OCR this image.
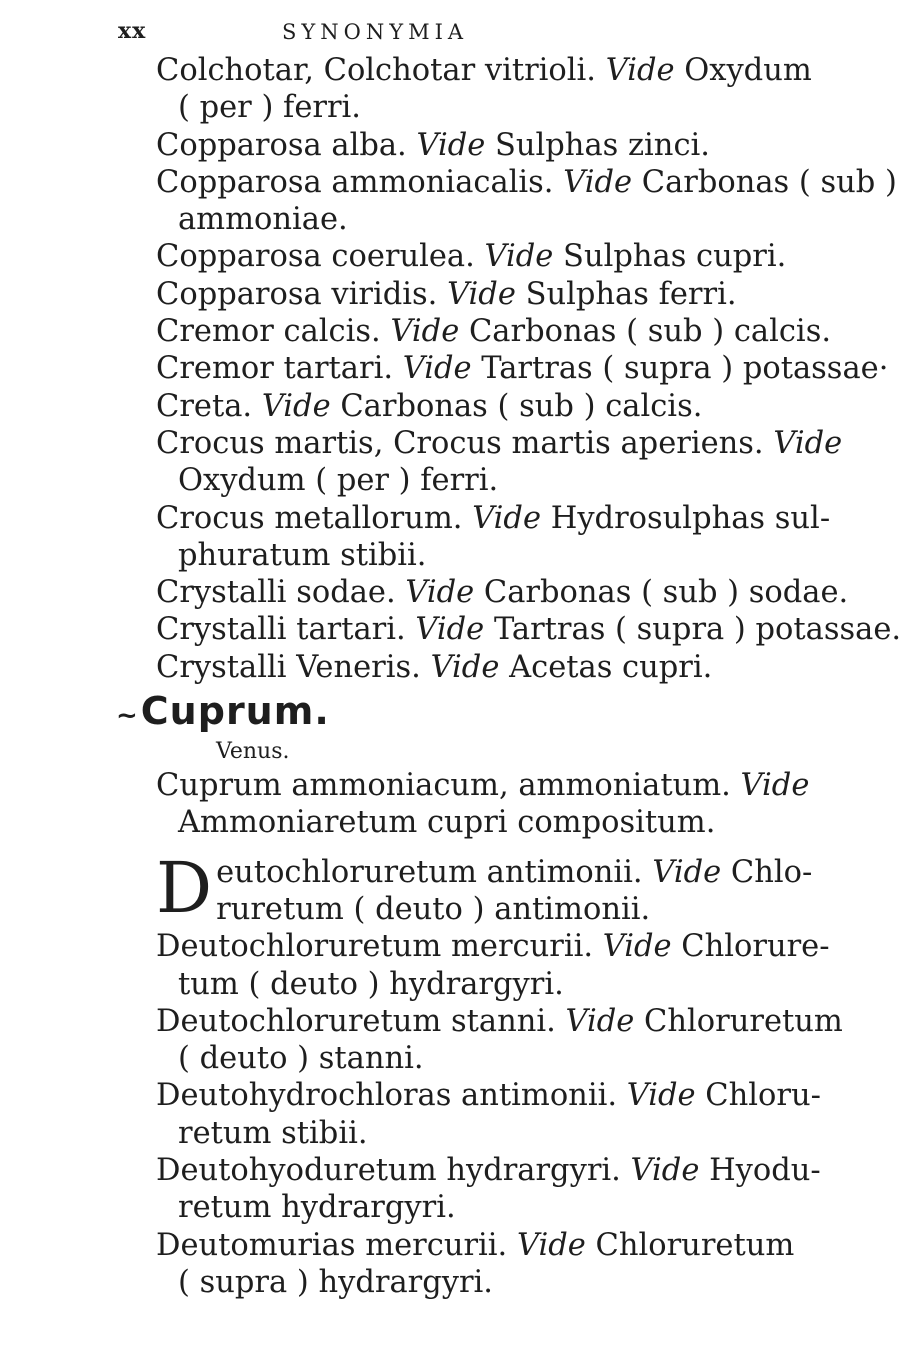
xx	SYNONYMIA

Colchotar, Colchotar vitrioli. Vide Oxydum
( per ) ferri.

Copparosa alba. Vide Sulphas zinci.

Copparosa ammoniacalis. Vide Carbonas ( sub )
ammoniae.

Copparosa coerulea. Vide Sulphas cupri.

Copparosa viridis. Vide Sulphas ferri.

Cremor calcis. Vide Carbonas ( sub ) calcis.

Cremor tartari. Vide Tartras ( supra ) potassae·

Creta. Vide Carbonas ( sub ) calcis.

Crocus martis, Crocus martis aperiens. Vide
Oxydum ( per ) ferri.

Crocus metallorum. Vide Hydrosulphas sul-
phuratum stibii.

Crystalli sodae. Vide Carbonas ( sub ) sodae.

Crystalli tartari. Vide Tartras ( supra ) potassae.

Crystalli Veneris. Vide Acetas cupri.

~Cuprum.
Venus.

Cuprum ammoniacum, ammoniatum. Vide
Ammoniaretum cupri compositum.

D eutochloruretum antimonii. Vide Chlo-
ruretum ( deuto ) antimonii.

Deutochloruretum mercurii. Vide Chlorure-
tum ( deuto ) hydrargyri.

Deutochloruretum stanni. Vide Chloruretum
( deuto ) stanni.

Deutohydrochloras antimonii. Vide Chloru-
retum stibii.

Deutohyoduretum hydrargyri. Vide Hyodu-
retum hydrargyri.

Deutomurias mercurii. Vide Chloruretum
( supra ) hydrargyri.
